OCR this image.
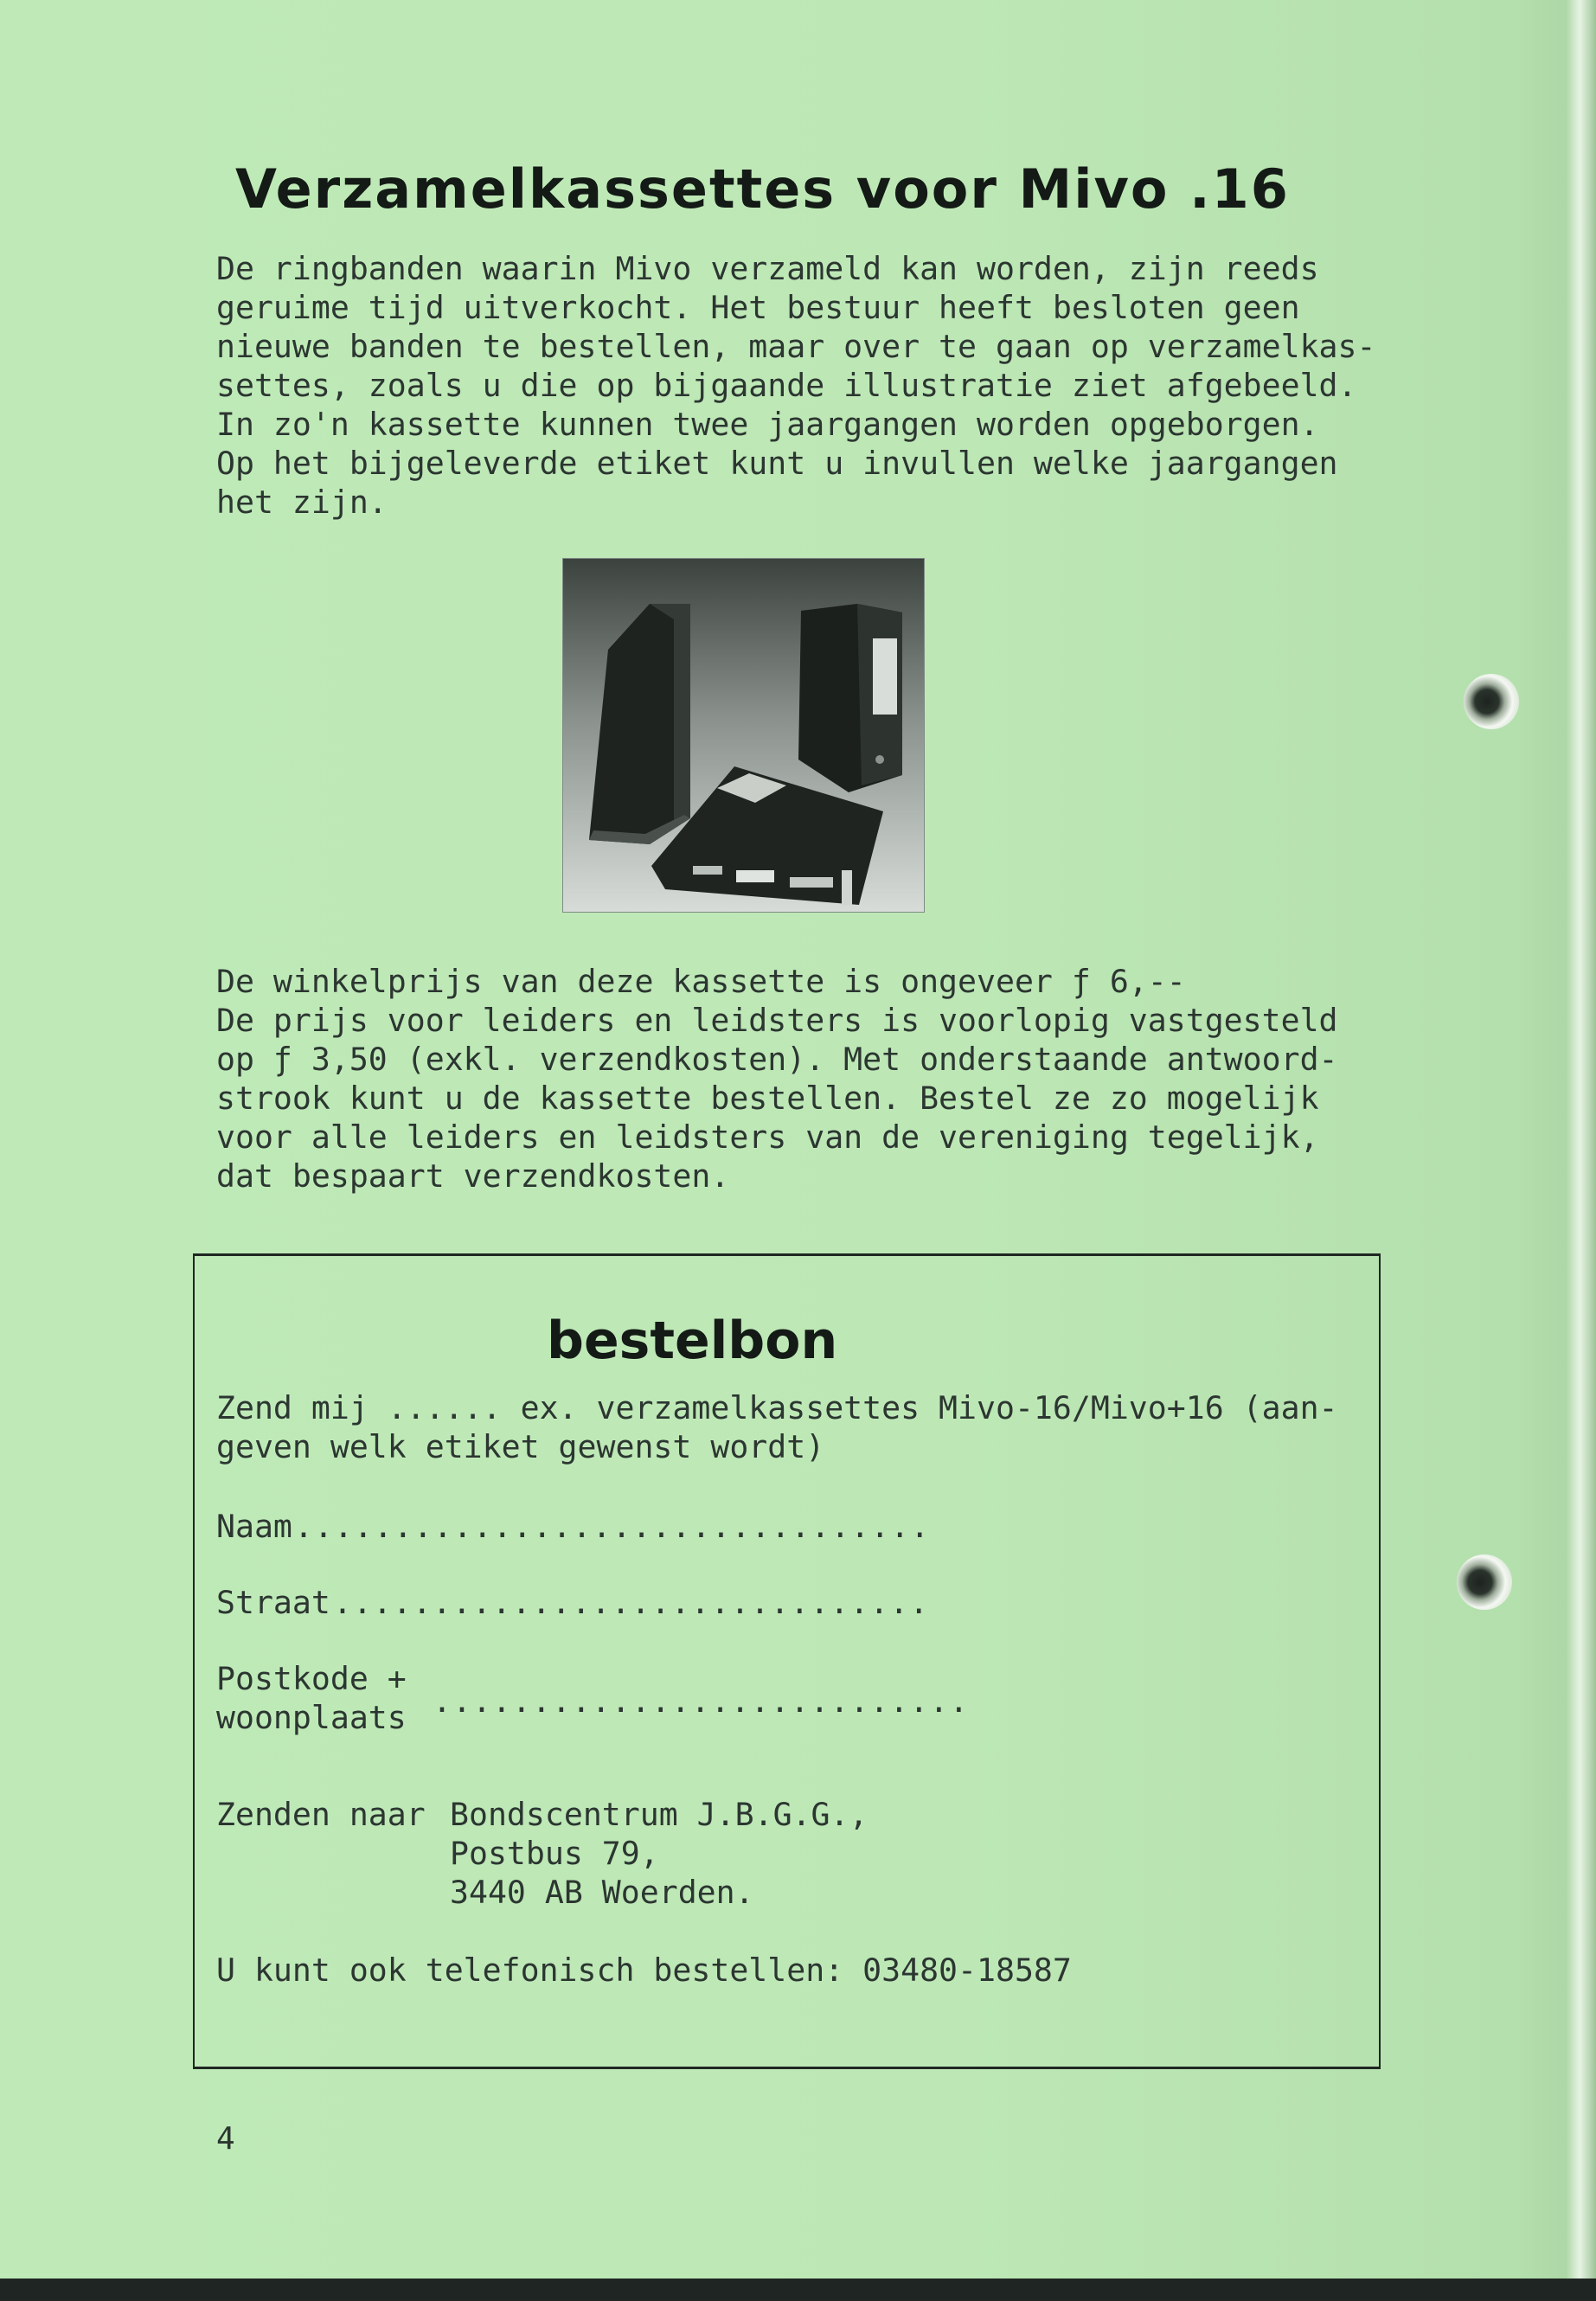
Verzamelkassettes voor Mivo .16

De ringbanden waarin Mivo verzameld kan worden, zijn reeds
geruime tijd uitverkocht. Het bestuur heeft besloten geen
nieuwe banden te bestellen, maar over te gaan op verzamelkas-
settes, zoals u die op bijgaande illustratie ziet afgebeeld.
In zo'n kassette kunnen twee jaargangen worden opgeborgen.
Op het bijgeleverde etiket kunt u invullen welke jaargangen
het zijn.

De winkelprijs van deze kassette is ongeveer ƒ 6,--
De prijs voor leiders en leidsters is voorlopig vastgesteld
op ƒ 3,50 (exkl. verzendkosten). Met onderstaande antwoord-
strook kunt u de kassette bestellen. Bestel ze zo mogelijk
voor alle leiders en leidsters van de vereniging tegelijk,
dat bespaart verzendkosten.

bestelbon

Zend mij ...... ex. verzamelkassettes Mivo-16/Mivo+16 (aan-

geven welk etiket gewenst wordt)

Naam ................................

Straat ..............................

Postkode +

woonplaats ...........................

Zenden naar Bondscentrum J.B.G.G.,

Postbus 79,

3440 AB Woerden.

U kunt ook telefonisch bestellen: 03480-18587

4
